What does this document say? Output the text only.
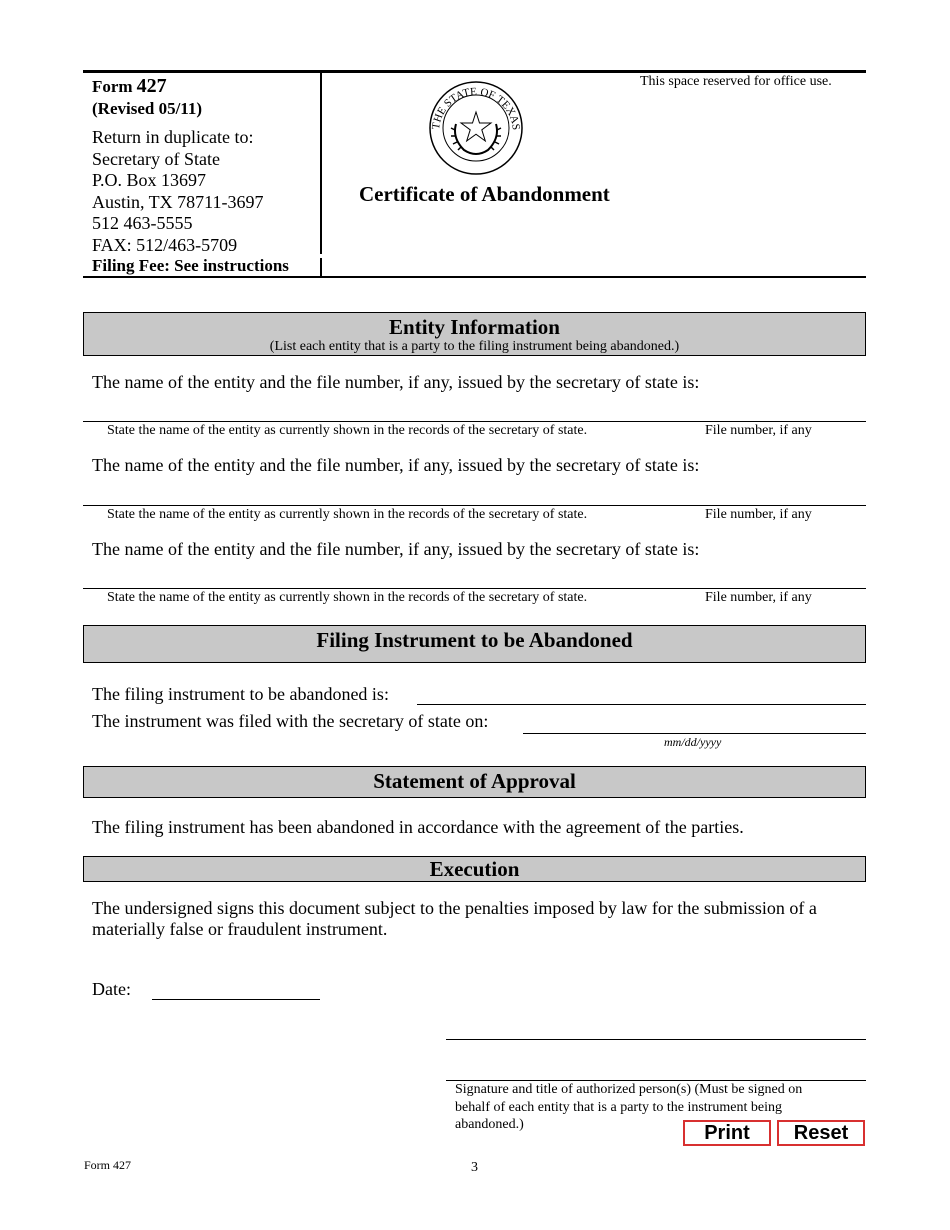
Form 427
(Revised 05/11)
Return in duplicate to:
Secretary of State
P.O. Box 13697
Austin, TX 78711-3697
512 463-5555
FAX: 512/463-5709
Filing Fee: See instructions
THE STATE OF TEXAS
Certificate of Abandonment
This space reserved for office use.
Entity Information
(List each entity that is a party to the filing instrument being abandoned.)
The name of the entity and the file number, if any, issued by the secretary of state is:
State the name of the entity as currently shown in the records of the secretary of state.	File number, if any
The name of the entity and the file number, if any, issued by the secretary of state is:
State the name of the entity as currently shown in the records of the secretary of state.	File number, if any
The name of the entity and the file number, if any, issued by the secretary of state is:
State the name of the entity as currently shown in the records of the secretary of state.	File number, if any
Filing Instrument to be Abandoned
The filing instrument to be abandoned is:
The instrument was filed with the secretary of state on:
mm/dd/yyyy
Statement of Approval
The filing instrument has been abandoned in accordance with the agreement of the parties.
Execution
The undersigned signs this document subject to the penalties imposed by law for the submission of a
materially false or fraudulent instrument.
Date:
Signature and title of authorized person(s) (Must be signed on
behalf of each entity that is a party to the instrument being
abandoned.)	Print	Reset
Form 427	3
